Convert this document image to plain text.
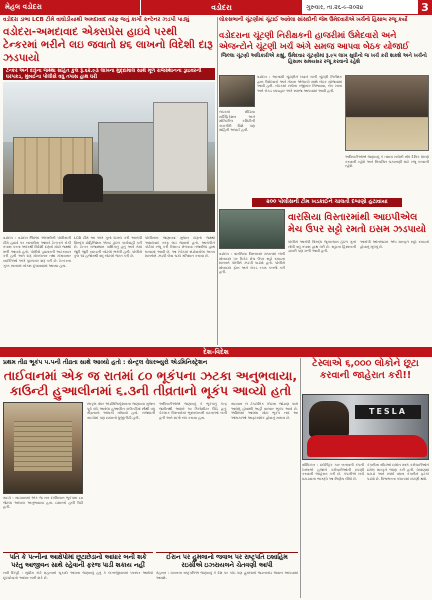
મેહલ વડોદરા	વડોદરા	ગુરુવાર, તા.૨૬-૯-૨૦૨૪	3
વડોદરા ડાભા LCB ટીમે વાઘોડીયાથી અમદાવાદ તરફ જતું કાર્ગો કન્ટેનર ઝડપી પાડ્યું
વડોદરા-અમદાવાદ એક્સપ્રેસ હાઇવે પરથી ટેન્કરમાં ભરીને લઇ જવાતો ૪૬ લાખનો વિદેશી દારૂ ઝડપાયો
ટેન્કર અને દારૂના જથ્થા સહિત કુલ રૂ.૬૨.૯૩ લાખના મુદ્દામાલ સાથે મૂળ રાજસ્થાનના ડ્રાઇવરની ધરપકડ, મુંબઈના પોલીસે વધુ તપાસ હાથ ધરી
વડોદરા : વડોદરા જિલ્લા એલસીબી પોલીસની ટીમે હાઇવે પર બાતમીના આધારે ટેન્કરને રોકી તપાસ કરતા અંદરથી વિદેશી દારૂનો મોટો જથ્થો મળી આવ્યો હતો. પોલીસે ડ્રાઇવરની અટકાયત કરી હતી અને દારૂ મોકલનાર તથા મંગાવનાર વ્યક્તિઓ અંગે પુછપરછ શરૂ કરી છે. ટેન્કરના ગુપ્ત ખાનામાં બોક્સ છુપાવવામાં આવ્યા હતા.
LCB ટીમે આ અંગે ગુનો દાખલ કરી આરોપી વિરુદ્ધ પ્રોહિબિશન એક્ટ હેઠળ કાર્યવાહી કરી છે. ટેન્કર રાજસ્થાન પાસિંગનું હતું અને તેમાં જુદી જુદી બ્રાન્ડની બોટલો ભરેલી હતી. પોલીસે કુલ ૧૨ હજારથી વધુ બોટલો જપ્ત કરી છે.
પોલીસના જણાવ્યા મુજબ દારૂનો જથ્થો અમદાવાદ તરફ લઇ જવાતો હતો. આરોપીને કોર્ટમાં રજૂ કરી રિમાન્ડ મેળવવા તજવીજ હાથ ધરવામાં આવી છે. આ રેકેટમાં સંડોવાયેલા અન્ય શખ્સોને ઝડપી લેવા ચક્રો ગતિમાન કરાયા છે.
લોકસભાની ચૂંટણીમાં ચૂંટાઈ આવેલા સાંસદોની જેમ ઉમેદવારોએ ખર્ચનો હિસાબ રજૂ કર્યો
વડોદરાના ચૂંટણી નિરીક્ષકની હાજરીમાં ઉમેદવારો અને એજન્ટોને ચૂંટણી ખર્ચ અંગે સમજ આપવા બેઠક યોજાઈ
જિલ્લા ચૂંટણી અધિકારીએ કહ્યું, ઉમેદવાર ચૂંટણીમાં રૂ.૯૫ લાખ સુધીનો જ ખર્ચ કરી શકશે અને ખર્ચનો હિસાબ સમયસર રજૂ કરવાનો રહેશે
બેઠકમાં મીડિયા સર્ટિફિકેશન અને મોનિટરિંગ કમિટીની કામગીરી વિશે પણ માહિતી અપાઈ હતી.
વડોદરા : આગામી ચૂંટણીને ધ્યાને રાખી ચૂંટણી નિરીક્ષક દ્વારા ઉમેદવારો અને તેમના એજન્ટો સાથે બેઠક યોજવામાં આવી હતી. બેઠકમાં ખર્ચના રજીસ્ટર નિભાવવા, બેંક ખાતા અને રોકડ વ્યવહાર અંગે સમજ આપવામાં આવી હતી.
અધિકારીઓએ જણાવ્યું કે તમામ ખર્ચની નોંધ દૈનિક ધોરણે કરવાની રહેશે અને નિયમિત ચકાસણી માટે રજૂ કરવાની રહેશે.
૨૦૦ પોલીસની ટીમ ખડકાઈને ચાલતી દબાણો હટાવાયા
વારસિયા વિસ્તારમાંથી આઇપીએલ મેચ ઉપર સટ્ટો રમતો ઇસમ ઝડપાયો
વડોદરા : વારસિયા વિસ્તારમાં મકાનમાં બેસી મોબાઇલ પર ક્રિકેટ મેચ ઉપર સટ્ટો રમાડતા શખ્સને પોલીસે ઝડપી પાડ્યો હતો. પોલીસે મોબાઇલ ફોન અને રોકડ રકમ કબજે કરી હતી.
પોલીસે આરોપી વિરુદ્ધ જુગારધારા હેઠળ ગુનો નોંધી વધુ તપાસ હાથ ધરી છે. સટ્ટાના હિસાબની ડાયરી પણ મળી આવી હતી.
આરોપી ઓનલાઇન એપ મારફતે સટ્ટો રમાડતો હોવાનું ખુલ્યું છે.
દેશ-વિદેશ
પ્રથમ તીવ્ર ભૂકંપ ૫.૫ની તીવ્રતા સાથે આવ્યો હતો : સેન્ટ્રલ વેધરબ્યુરો એડમિનિસ્ટ્રેશન
તાઈવાનમાં એક જ રાતમાં ૮૦ ભૂકંપના ઝટકા અનુભવાયા, કાઉન્ટી હુઆલીનમાં ૬.૩ની તીવ્રતાનો ભૂકંપ આવ્યો હતો
તાઇપે : તાઇવાનમાં એક જ રાત દરમિયાન ભૂકંપના ૮૦ જેટલા આંચકા અનુભવાયા હતા. ઇમારતો હલી ઉઠી હતી.
સેન્ટ્રલ વેધર એડમિનિસ્ટ્રેશનના જણાવ્યા મુજબ પૂર્વ કાંઠે આવેલા હુઆલીન કાઉન્ટીમાં સૌથી વધુ તીવ્રતાનો આંચકો નોંધાયો હતો. રાજધાની તાઇપેમાં પણ ઇમારતો ધ્રુજી ઉઠી હતી.
અધિકારીઓએ જણાવ્યું કે ભૂકંપનું કેન્દ્ર જમીનથી આશરે ૧૦ કિલોમીટર ઊંડે હતું. કેટલાક વિસ્તારોમાં ભૂસ્ખલનની ઘટનાઓ બની હતી અને માર્ગો બંધ કરાયા હતા.
તાઇવાન બે ટેક્ટોનિક પ્લેટના જોડાણ પાસે આવેલું હોવાથી અહીં વારંવાર ભૂકંપ આવે છે. એપ્રિલમાં આવેલા મોટા ભૂકંપ બાદ આ આંચકાઓ આફ્ટરશોક હોવાનું મનાય છે.
ટેસ્લાએ ૬,૦૦૦ લોકોને છૂટા કરવાની જાહેરાત કરી!!
TESLA
વોશિંગ્ટન : ઇલેક્ટ્રિક કાર બનાવતી કંપની ટેસ્લાએ હજારો કર્મચારીઓની છટણી કરવાની જાહેરાત કરી છે. કંપનીએ ખર્ચ ઘટાડવાના ભાગરૂપે આ નિર્ણય લીધો છે.
કંપનીના સીઇઓ ઇલોન મસ્કે કર્મચારીઓને ઇમેલ મારફતે જાણ કરી હતી. વેચાણમાં ઘટાડો અને સ્પર્ધા વધતા કંપનીને ફટકો પડ્યો છે. વિશ્વભરના પ્લાન્ટમાં છટણી થશે.
પતિ કે પત્નીના આક્ષેપોમાં છૂટાછેડાનો આધાર બની શકે પરંતુ આજીવન સાથે રહેવાની ફરજ પાડી શકાય નહીં
નવી દિલ્હી : સુપ્રીમ કોર્ટે મહત્વનો ચુકાદો આપતા જણાવ્યું હતું કે લગ્નજીવનમાં પરસ્પર આક્ષેપો છૂટાછેડાનો આધાર બની શકે છે.
ઈરાન પર હુમલાનો જવાબ પર રાષ્ટ્રપતિ ઇબ્રાહિમ રઇસીએ ઇઝરાયલને ચેતવણી આપી
તેહરાન : ઇરાનના રાષ્ટ્રપતિએ જણાવ્યું કે દેશ પર કોઇ પણ હુમલાનો જડબાતોડ જવાબ આપવામાં આવશે.
